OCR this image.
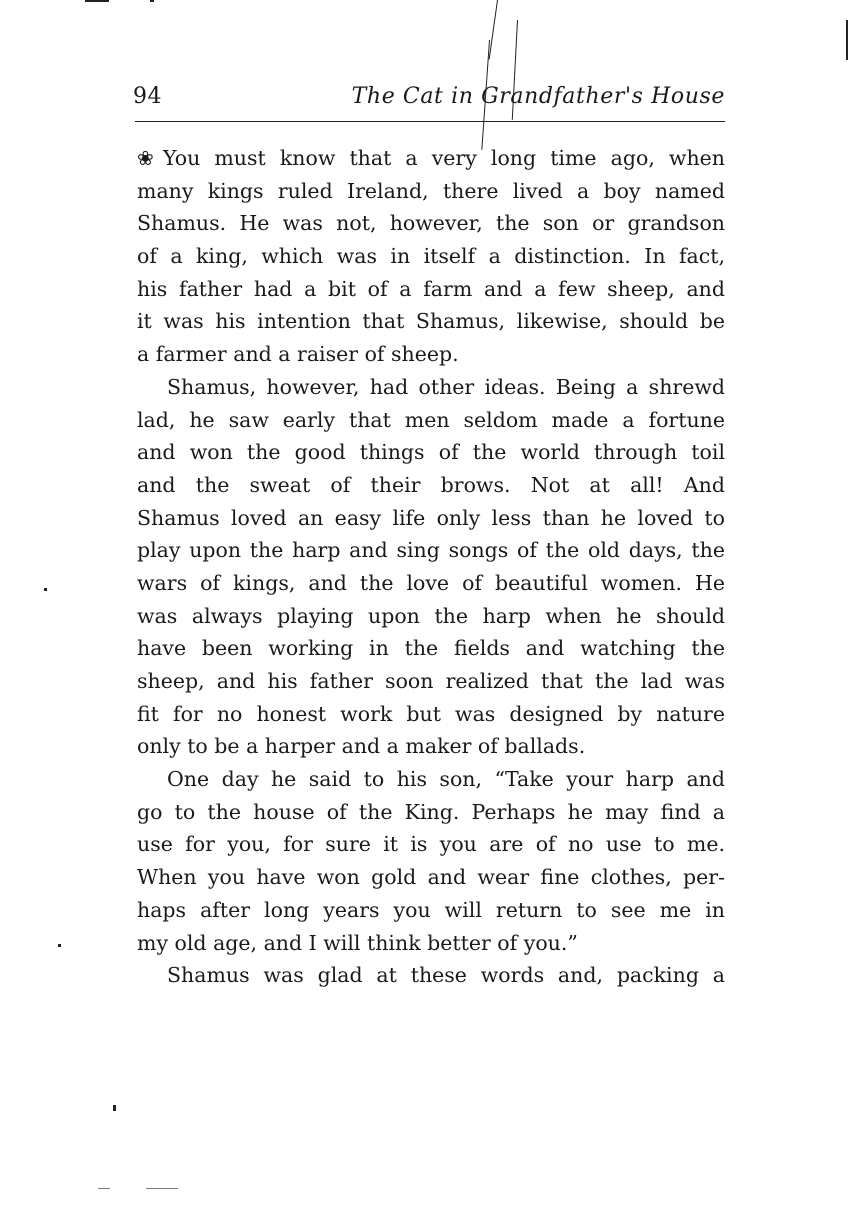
94	The Cat in Grandfather's House
❀ You must know that a very long time ago, when
many kings ruled Ireland, there lived a boy named
Shamus. He was not, however, the son or grandson
of a king, which was in itself a distinction. In fact,
his father had a bit of a farm and a few sheep, and
it was his intention that Shamus, likewise, should be
a farmer and a raiser of sheep.
Shamus, however, had other ideas. Being a shrewd
lad, he saw early that men seldom made a fortune
and won the good things of the world through toil
and the sweat of their brows. Not at all! And
Shamus loved an easy life only less than he loved to
play upon the harp and sing songs of the old days, the
wars of kings, and the love of beautiful women. He
was always playing upon the harp when he should
have been working in the fields and watching the
sheep, and his father soon realized that the lad was
fit for no honest work but was designed by nature
only to be a harper and a maker of ballads.
One day he said to his son, “Take your harp and
go to the house of the King. Perhaps he may find a
use for you, for sure it is you are of no use to me.
When you have won gold and wear fine clothes, per-
haps after long years you will return to see me in
my old age, and I will think better of you.”
Shamus was glad at these words and, packing a
